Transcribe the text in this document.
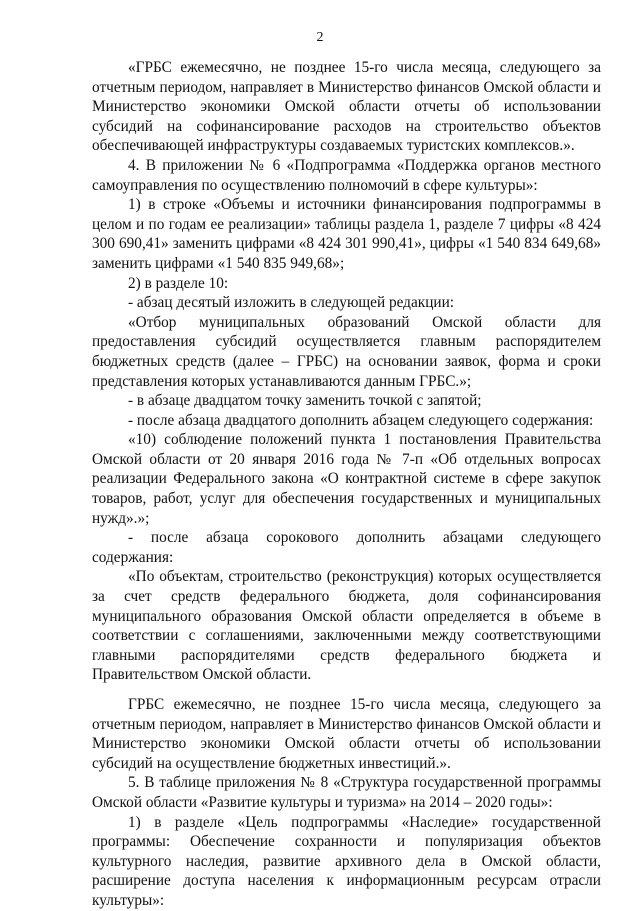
2

«ГРБС ежемесячно, не позднее 15-го числа месяца, следующего за отчетным периодом, направляет в Министерство финансов Омской области и Министерство экономики Омской области отчеты об использовании субсидий на софинансирование расходов на строительство объектов обеспечивающей инфраструктуры создаваемых туристских комплексов.».

4. В приложении № 6 «Подпрограмма «Поддержка органов местного самоуправления по осуществлению полномочий в сфере культуры»:

1) в строке «Объемы и источники финансирования подпрограммы в целом и по годам ее реализации» таблицы раздела 1, разделе 7 цифры «8 424 300 690,41» заменить цифрами «8 424 301 990,41», цифры «1 540 834 649,68» заменить цифрами «1 540 835 949,68»;

2) в разделе 10:

- абзац десятый изложить в следующей редакции:

«Отбор муниципальных образований Омской области для предоставления субсидий осуществляется главным распорядителем бюджетных средств (далее – ГРБС) на основании заявок, форма и сроки представления которых устанавливаются данным ГРБС.»;

- в абзаце двадцатом точку заменить точкой с запятой;

- после абзаца двадцатого дополнить абзацем следующего содержания:

«10) соблюдение положений пункта 1 постановления Правительства Омской области от 20 января 2016 года № 7-п «Об отдельных вопросах реализации Федерального закона «О контрактной системе в сфере закупок товаров, работ, услуг для обеспечения государственных и муниципальных нужд».»;

- после абзаца сорокового дополнить абзацами следующего содержания:

«По объектам, строительство (реконструкция) которых осуществляется за счет средств федерального бюджета, доля софинансирования муниципального образования Омской области определяется в объеме в соответствии с соглашениями, заключенными между соответствующими главными распорядителями средств федерального бюджета и Правительством Омской области.

ГРБС ежемесячно, не позднее 15-го числа месяца, следующего за отчетным периодом, направляет в Министерство финансов Омской области и Министерство экономики Омской области отчеты об использовании субсидий на осуществление бюджетных инвестиций.».

5. В таблице приложения № 8 «Структура государственной программы Омской области «Развитие культуры и туризма» на 2014 – 2020 годы»:

1) в разделе «Цель подпрограммы «Наследие» государственной программы: Обеспечение сохранности и популяризация объектов культурного наследия, развитие архивного дела в Омской области, расширение доступа населения к информационным ресурсам отрасли культуры»:
